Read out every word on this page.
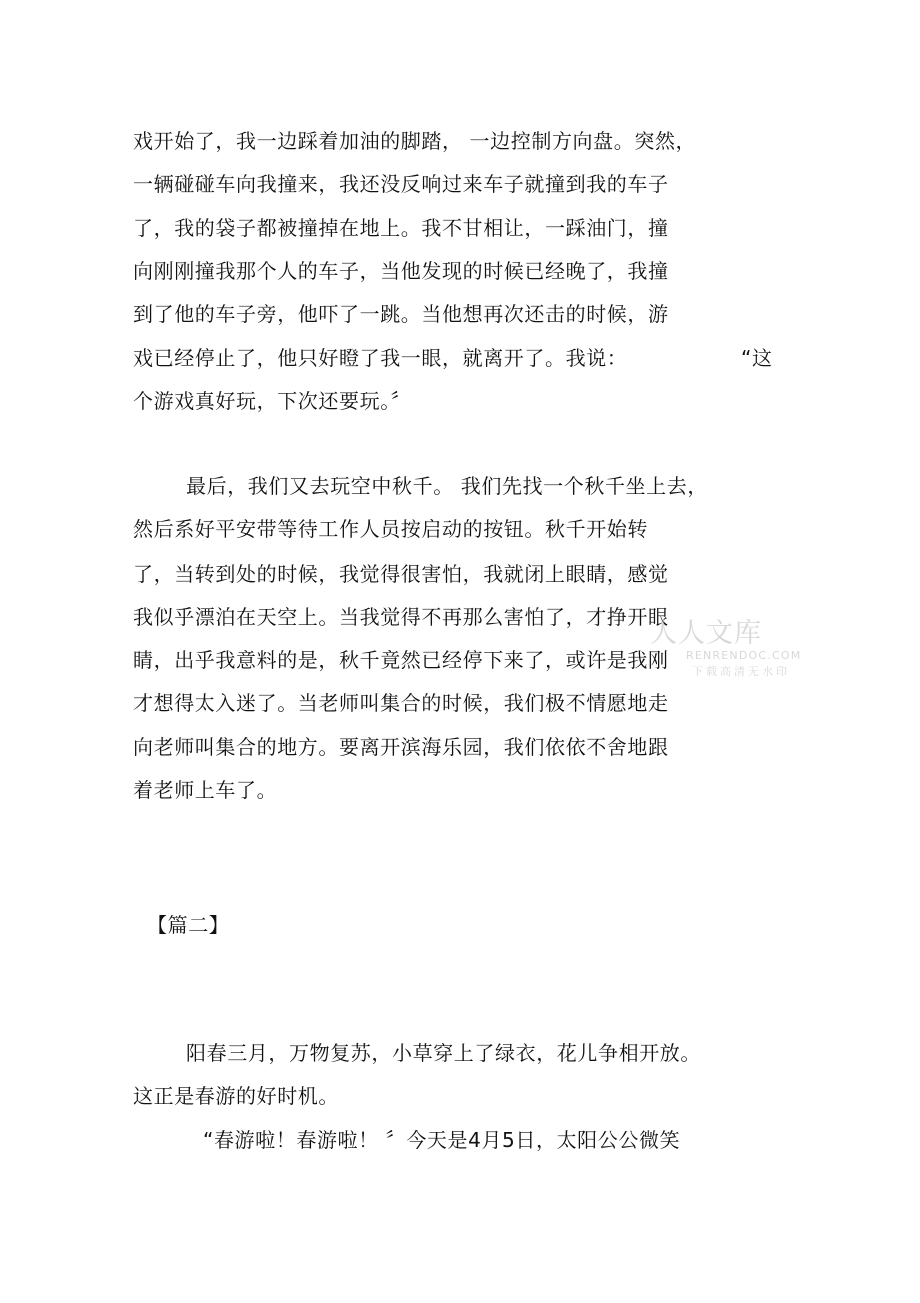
戏开始了，我一边踩着加油的脚踏， 一边控制方向盘。突然，
一辆碰碰车向我撞来，我还没反响过来车子就撞到我的车子
了，我的袋子都被撞掉在地上。我不甘相让，一踩油门，撞
向刚刚撞我那个人的车子，当他发现的时候已经晚了，我撞
到了他的车子旁，他吓了一跳。当他想再次还击的时候，游
戏已经停止了，他只好瞪了我一眼，就离开了。我说：	“这
个游戏真好玩，下次还要玩。〞
最后，我们又去玩空中秋千。 我们先找一个秋千坐上去，
然后系好平安带等待工作人员按启动的按钮。秋千开始转
了，当转到处的时候，我觉得很害怕，我就闭上眼睛，感觉
我似乎漂泊在天空上。当我觉得不再那么害怕了，才挣开眼
睛，出乎我意料的是，秋千竟然已经停下来了，或许是我刚
才想得太入迷了。当老师叫集合的时候，我们极不情愿地走
向老师叫集合的地方。要离开滨海乐园，我们依依不舍地跟
着老师上车了。
【篇二】
阳春三月，万物复苏，小草穿上了绿衣，花儿争相开放。
这正是春游的好时机。
“春游啦！春游啦！ 〞今天是4月5日，太阳公公微笑
人人文库
RENRENDOC.COM
下载高清无水印
